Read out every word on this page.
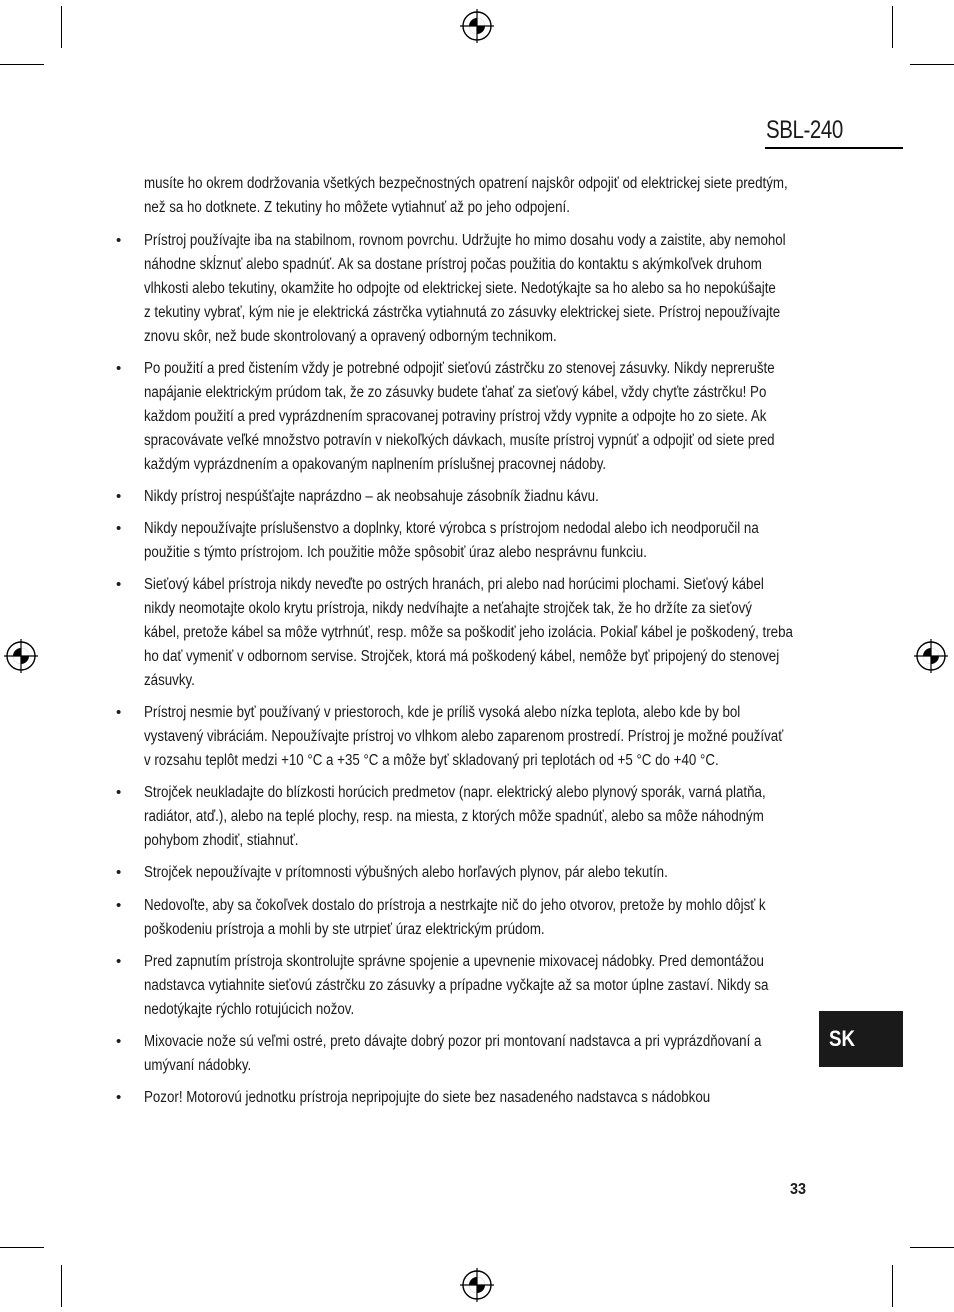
SBL-240
musíte ho okrem dodržovania všetkých bezpečnostných opatrení najskôr odpojiť od elektrickej siete predtým,
než sa ho dotknete. Z tekutiny ho môžete vytiahnuť až po jeho odpojení.
• Prístroj používajte iba na stabilnom, rovnom povrchu. Udržujte ho mimo dosahu vody a zaistite, aby nemohol
náhodne skĺznuť alebo spadnúť. Ak sa dostane prístroj počas použitia do kontaktu s akýmkoľvek druhom
vlhkosti alebo tekutiny, okamžite ho odpojte od elektrickej siete. Nedotýkajte sa ho alebo sa ho nepokúšajte
z tekutiny vybrať, kým nie je elektrická zástrčka vytiahnutá zo zásuvky elektrickej siete. Prístroj nepoužívajte
znovu skôr, než bude skontrolovaný a opravený odborným technikom.
• Po použití a pred čistením vždy je potrebné odpojiť sieťovú zástrčku zo stenovej zásuvky. Nikdy neprerušte
napájanie elektrickým prúdom tak, že zo zásuvky budete ťahať za sieťový kábel, vždy chyťte zástrčku! Po
každom použití a pred vyprázdnením spracovanej potraviny prístroj vždy vypnite a odpojte ho zo siete. Ak
spracovávate veľké množstvo potravín v niekoľkých dávkach, musíte prístroj vypnúť a odpojiť od siete pred
každým vyprázdnením a opakovaným naplnením príslušnej pracovnej nádoby.
• Nikdy prístroj nespúšťajte naprázdno – ak neobsahuje zásobník žiadnu kávu.
• Nikdy nepoužívajte príslušenstvo a doplnky, ktoré výrobca s prístrojom nedodal alebo ich neodporučil na
použitie s týmto prístrojom. Ich použitie môže spôsobiť úraz alebo nesprávnu funkciu.
• Sieťový kábel prístroja nikdy neveďte po ostrých hranách, pri alebo nad horúcimi plochami. Sieťový kábel
nikdy neomotajte okolo krytu prístroja, nikdy nedvíhajte a neťahajte strojček tak, že ho držíte za sieťový
kábel, pretože kábel sa môže vytrhnúť, resp. môže sa poškodiť jeho izolácia. Pokiaľ kábel je poškodený, treba
ho dať vymeniť v odbornom servise. Strojček, ktorá má poškodený kábel, nemôže byť pripojený do stenovej
zásuvky.
• Prístroj nesmie byť používaný v priestoroch, kde je príliš vysoká alebo nízka teplota, alebo kde by bol
vystavený vibráciám. Nepoužívajte prístroj vo vlhkom alebo zaparenom prostredí. Prístroj je možné používať
v rozsahu teplôt medzi +10 °C a +35 °C a môže byť skladovaný pri teplotách od +5 °C do +40 °C.
• Strojček neukladajte do blízkosti horúcich predmetov (napr. elektrický alebo plynový sporák, varná platňa,
radiátor, atď.), alebo na teplé plochy, resp. na miesta, z ktorých môže spadnúť, alebo sa môže náhodným
pohybom zhodiť, stiahnuť.
• Strojček nepoužívajte v prítomnosti výbušných alebo horľavých plynov, pár alebo tekutín.
• Nedovoľte, aby sa čokoľvek dostalo do prístroja a nestrkajte nič do jeho otvorov, pretože by mohlo dôjsť k
poškodeniu prístroja a mohli by ste utrpieť úraz elektrickým prúdom.
• Pred zapnutím prístroja skontrolujte správne spojenie a upevnenie mixovacej nádobky. Pred demontážou
nadstavca vytiahnite sieťovú zástrčku zo zásuvky a prípadne vyčkajte až sa motor úplne zastaví. Nikdy sa
nedotýkajte rýchlo rotujúcich nožov.
• Mixovacie nože sú veľmi ostré, preto dávajte dobrý pozor pri montovaní nadstavca a pri vyprázdňovaní a
umývaní nádobky.
• Pozor! Motorovú jednotku prístroja nepripojujte do siete bez nasadeného nadstavca s nádobkou
SK
33
